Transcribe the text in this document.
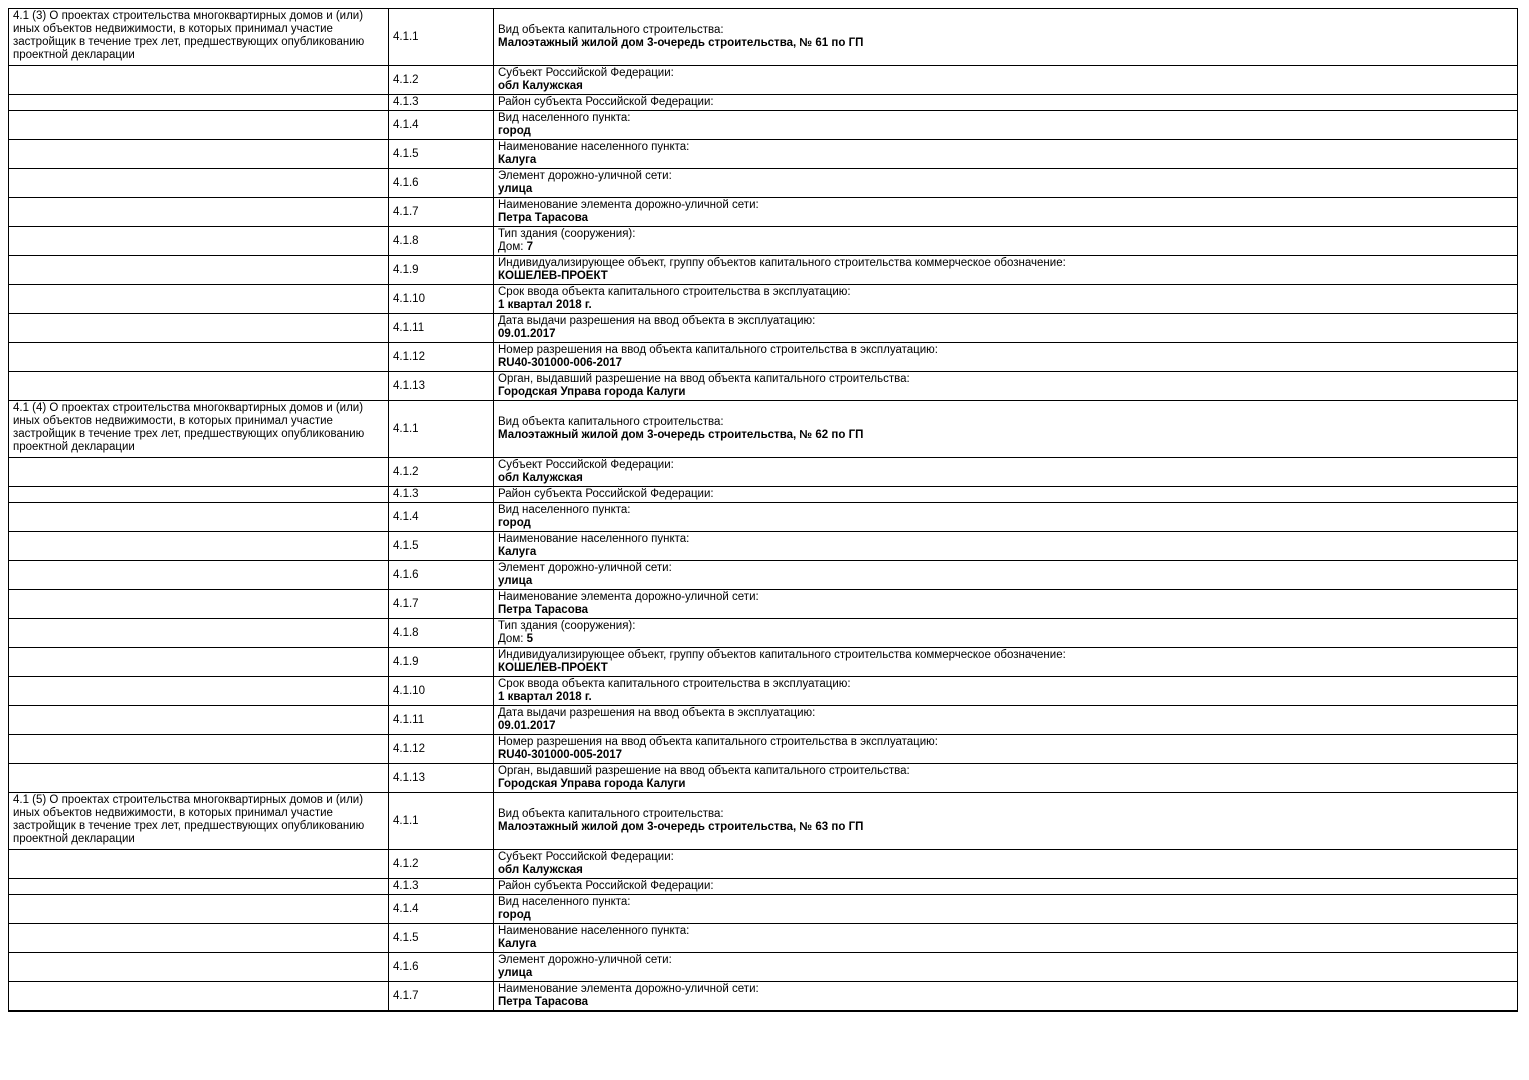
4.1 (3) О проектах строительства многоквартирных домов и (или) иных объектов недвижимости, в которых принимал участие застройщик в течение трех лет, предшествующих опубликованию проектной декларации	4.1.1	Вид объекта капитального строительства:
Малоэтажный жилой дом 3-очередь строительства, № 61 по ГП

	4.1.2	Субъект Российской Федерации:
обл Калужская

	4.1.3	Район субъекта Российской Федерации:

	4.1.4	Вид населенного пункта:
город

	4.1.5	Наименование населенного пункта:
Калуга

	4.1.6	Элемент дорожно-уличной сети:
улица

	4.1.7	Наименование элемента дорожно-уличной сети:
Петра Тарасова

	4.1.8	Тип здания (сооружения):
Дом: 7

	4.1.9	Индивидуализирующее объект, группу объектов капитального строительства коммерческое обозначение:
КОШЕЛЕВ-ПРОЕКТ

	4.1.10	Срок ввода объекта капитального строительства в эксплуатацию:
1 квартал 2018 г.

	4.1.11	Дата выдачи разрешения на ввод объекта в эксплуатацию:
09.01.2017

	4.1.12	Номер разрешения на ввод объекта капитального строительства в эксплуатацию:
RU40-301000-006-2017

	4.1.13	Орган, выдавший разрешение на ввод объекта капитального строительства:
Городская Управа города Калуги

4.1 (4) О проектах строительства многоквартирных домов и (или) иных объектов недвижимости, в которых принимал участие застройщик в течение трех лет, предшествующих опубликованию проектной декларации	4.1.1	Вид объекта капитального строительства:
Малоэтажный жилой дом 3-очередь строительства, № 62 по ГП

	4.1.2	Субъект Российской Федерации:
обл Калужская

	4.1.3	Район субъекта Российской Федерации:

	4.1.4	Вид населенного пункта:
город

	4.1.5	Наименование населенного пункта:
Калуга

	4.1.6	Элемент дорожно-уличной сети:
улица

	4.1.7	Наименование элемента дорожно-уличной сети:
Петра Тарасова

	4.1.8	Тип здания (сооружения):
Дом: 5

	4.1.9	Индивидуализирующее объект, группу объектов капитального строительства коммерческое обозначение:
КОШЕЛЕВ-ПРОЕКТ

	4.1.10	Срок ввода объекта капитального строительства в эксплуатацию:
1 квартал 2018 г.

	4.1.11	Дата выдачи разрешения на ввод объекта в эксплуатацию:
09.01.2017

	4.1.12	Номер разрешения на ввод объекта капитального строительства в эксплуатацию:
RU40-301000-005-2017

	4.1.13	Орган, выдавший разрешение на ввод объекта капитального строительства:
Городская Управа города Калуги

4.1 (5) О проектах строительства многоквартирных домов и (или) иных объектов недвижимости, в которых принимал участие застройщик в течение трех лет, предшествующих опубликованию проектной декларации	4.1.1	Вид объекта капитального строительства:
Малоэтажный жилой дом 3-очередь строительства, № 63 по ГП

	4.1.2	Субъект Российской Федерации:
обл Калужская

	4.1.3	Район субъекта Российской Федерации:

	4.1.4	Вид населенного пункта:
город

	4.1.5	Наименование населенного пункта:
Калуга

	4.1.6	Элемент дорожно-уличной сети:
улица

	4.1.7	Наименование элемента дорожно-уличной сети:
Петра Тарасова
